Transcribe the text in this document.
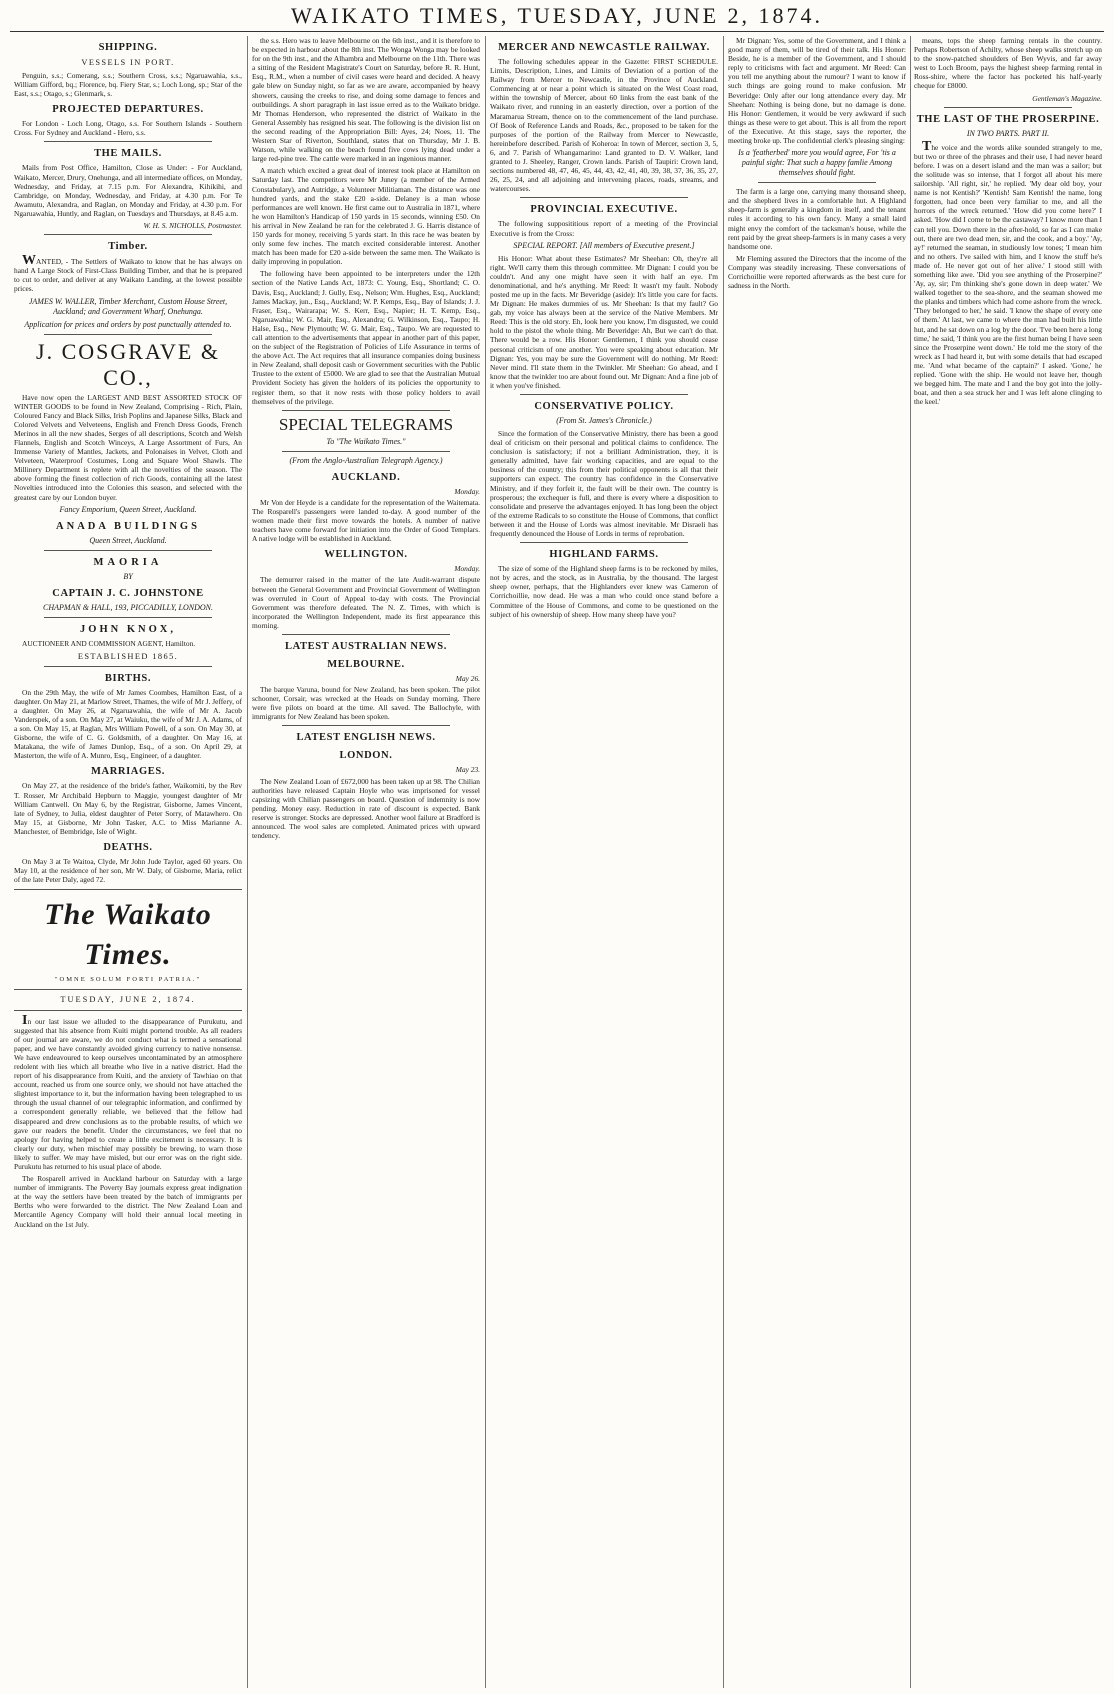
WAIKATO TIMES, TUESDAY, JUNE 2, 1874.
SHIPPING.
VESSELS IN PORT.
Penguin, s.s.; Comerang, s.s.; Southern Cross, s.s.; Ngaruawahia, s.s., William Gifford, bq.; Florence, bq. Fiery Star, s.; Loch Long, sp.; Star of the East, s.s.; Otago, s.; Glenmark, s.
PROJECTED DEPARTURES.
For London - Loch Long, Otago, s.s. For Southern Islands - Southern Cross. For Sydney and Auckland - Hero, s.s.
THE MAILS.
Mails from Post Office, Hamilton, Close as Under: - For Auckland, Waikato, Mercer, Drury, Onehunga, and all intermediate offices, on Monday, Wednesday, and Friday, at 7.15 p.m. For Alexandra, Kihikihi, and Cambridge, on Monday, Wednesday, and Friday, at 4.30 p.m. For Te Awamutu, Alexandra, and Raglan, on Monday and Friday, at 4.30 p.m. For Ngaruawahia, Huntly, and Raglan, on Tuesdays and Thursdays, at 8.45 a.m.
W. H. S. NICHOLLS, Postmaster.
Timber.
WANTED, - The Settlers of Waikato to know that he has always on hand A Large Stock of First-Class Building Timber, and that he is prepared to cut to order, and deliver at any Waikato Landing, at the lowest possible prices.
JAMES W. WALLER, Timber Merchant, Custom House Street, Auckland; and Government Wharf, Onehunga.
Application for prices and orders by post punctually attended to.
J. COSGRAVE & CO.,
Have now open the LARGEST AND BEST ASSORTED STOCK OF WINTER GOODS to be found in New Zealand, Comprising - Rich, Plain, Coloured Fancy and Black Silks, Irish Poplins and Japanese Silks, Black and Colored Velvets and Velveteens, English and French Dress Goods, French Merinos in all the new shades, Serges of all descriptions, Scotch and Welsh Flannels, English and Scotch Winceys, A Large Assortment of Furs, An Immense Variety of Mantles, Jackets, and Polonaises in Velvet, Cloth and Velveteen, Waterproof Costumes, Long and Square Wool Shawls. The Millinery Department is replete with all the novelties of the season. The above forming the finest collection of rich Goods, containing all the latest Novelties introduced into the Colonies this season, and selected with the greatest care by our London buyer.
Fancy Emporium, Queen Street, Auckland.
ANADA BUILDINGS
Queen Street, Auckland.
MAORIA
BY
CAPTAIN J. C. JOHNSTONE
CHAPMAN & HALL, 193, PICCADILLY, LONDON.
JOHN KNOX,
AUCTIONEER AND COMMISSION AGENT, Hamilton.
ESTABLISHED 1865.
BIRTHS.
On the 29th May, the wife of Mr James Coombes, Hamilton East, of a daughter. On May 21, at Marlow Street, Thames, the wife of Mr J. Jeffery, of a daughter. On May 26, at Ngaruawahia, the wife of Mr A. Jacob Vanderspek, of a son. On May 27, at Waiuku, the wife of Mr J. A. Adams, of a son. On May 15, at Raglan, Mrs William Powell, of a son. On May 30, at Gisborne, the wife of C. G. Goldsmith, of a daughter. On May 16, at Matakana, the wife of James Dunlop, Esq., of a son. On April 29, at Masterton, the wife of A. Munro, Esq., Engineer, of a daughter.
MARRIAGES.
On May 27, at the residence of the bride's father, Waikomiti, by the Rev T. Rosser, Mr Archibald Hepburn to Maggie, youngest daughter of Mr William Cantwell. On May 6, by the Registrar, Gisborne, James Vincent, late of Sydney, to Julia, eldest daughter of Peter Sorry, of Matawhero. On May 15, at Gisborne, Mr John Tasker, A.C. to Miss Marianne A. Manchester, of Bembridge, Isle of Wight.
DEATHS.
On May 3 at Te Waitoa, Clyde, Mr John Jude Taylor, aged 60 years. On May 10, at the residence of her son, Mr W. Daly, of Gisborne, Maria, relict of the late Peter Daly, aged 72.
The Waikato Times.
"OMNE SOLUM FORTI PATRIA."
TUESDAY, JUNE 2, 1874.
In our last issue we alluded to the disappearance of Purukutu, and suggested that his absence from Kuiti might portend trouble. As all readers of our journal are aware, we do not conduct what is termed a sensational paper, and we have constantly avoided giving currency to native nonsense. We have endeavoured to keep ourselves uncontaminated by an atmosphere redolent with lies which all breathe who live in a native district. Had the report of his disappearance from Kuiti, and the anxiety of Tawhiao on that account, reached us from one source only, we should not have attached the slightest importance to it, but the information having been telegraphed to us through the usual channel of our telegraphic information, and confirmed by a correspondent generally reliable, we believed that the fellow had disappeared and drew conclusions as to the probable results, of which we gave our readers the benefit. Under the circumstances, we feel that no apology for having helped to create a little excitement is necessary. It is clearly our duty, when mischief may possibly be brewing, to warn those likely to suffer. We may have misled, but our error was on the right side. Purukutu has returned to his usual place of abode.
The Rosparell arrived in Auckland harbour on Saturday with a large number of immigrants. The Poverty Bay journals express great indignation at the way the settlers have been treated by the batch of immigrants per Berths who were forwarded to the district. The New Zealand Loan and Mercantile Agency Company will hold their annual local meeting in Auckland on the 1st July.
the s.s. Hero was to leave Melbourne on the 6th inst., and it is therefore to be expected in harbour about the 8th inst. The Wonga Wonga may be looked for on the 9th inst., and the Alhambra and Melbourne on the 11th. There was a sitting of the Resident Magistrate's Court on Saturday, before R. R. Hunt, Esq., R.M., when a number of civil cases were heard and decided. A heavy gale blew on Sunday night, so far as we are aware, accompanied by heavy showers, causing the creeks to rise, and doing some damage to fences and outbuildings. A short paragraph in last issue erred as to the Waikato bridge. Mr Thomas Henderson, who represented the district of Waikato in the General Assembly has resigned his seat. The following is the division list on the second reading of the Appropriation Bill: Ayes, 24; Noes, 11. The Western Star of Riverton, Southland, states that on Thursday, Mr J. B. Watson, while walking on the beach found five cows lying dead under a large red-pine tree. The cattle were marked in an ingenious manner.
A match which excited a great deal of interest took place at Hamilton on Saturday last. The competitors were Mr Juney (a member of the Armed Constabulary), and Autridge, a Volunteer Militiaman. The distance was one hundred yards, and the stake £20 a-side. Delaney is a man whose performances are well known. He first came out to Australia in 1871, where he won Hamilton's Handicap of 150 yards in 15 seconds, winning £50. On his arrival in New Zealand he ran for the celebrated J. G. Harris distance of 150 yards for money, receiving 5 yards start. In this race he was beaten by only some few inches. The match excited considerable interest. Another match has been made for £20 a-side between the same men. The Waikato is daily improving in population.
The following have been appointed to be interpreters under the 12th section of the Native Lands Act, 1873: C. Young, Esq., Shortland; C. O. Davis, Esq., Auckland; J. Gully, Esq., Nelson; Wm. Hughes, Esq., Auckland; James Mackay, jun., Esq., Auckland; W. P. Kemps, Esq., Bay of Islands; J. J. Fraser, Esq., Wairarapa; W. S. Kerr, Esq., Napier; H. T. Kemp, Esq., Ngaruawahia; W. G. Mair, Esq., Alexandra; G. Wilkinson, Esq., Taupo; H. Halse, Esq., New Plymouth; W. G. Mair, Esq., Taupo. We are requested to call attention to the advertisements that appear in another part of this paper, on the subject of the Registration of Policies of Life Assurance in terms of the above Act. The Act requires that all insurance companies doing business in New Zealand, shall deposit cash or Government securities with the Public Trustee to the extent of £5000. We are glad to see that the Australian Mutual Provident Society has given the holders of its policies the opportunity to register them, so that it now rests with those policy holders to avail themselves of the privilege.
SPECIAL TELEGRAMS
To "The Waikato Times."
(From the Anglo-Australian Telegraph Agency.)
AUCKLAND.
Monday.
Mr Von der Heyde is a candidate for the representation of the Waitemata. The Rosparell's passengers were landed to-day. A good number of the women made their first move towards the hotels. A number of native teachers have come forward for initiation into the Order of Good Templars. A native lodge will be established in Auckland.
WELLINGTON.
Monday.
The demurrer raised in the matter of the late Audit-warrant dispute between the General Government and Provincial Government of Wellington was overruled in Court of Appeal to-day with costs. The Provincial Government was therefore defeated. The N. Z. Times, with which is incorporated the Wellington Independent, made its first appearance this morning.
LATEST AUSTRALIAN NEWS.
MELBOURNE.
May 26.
The barque Varuna, bound for New Zealand, has been spoken. The pilot schooner, Corsair, was wrecked at the Heads on Sunday morning. There were five pilots on board at the time. All saved. The Ballochyle, with immigrants for New Zealand has been spoken.
LATEST ENGLISH NEWS.
LONDON.
May 23.
The New Zealand Loan of £672,000 has been taken up at 98. The Chilian authorities have released Captain Hoyle who was imprisoned for vessel capsizing with Chilian passengers on board. Question of indemnity is now pending. Money easy. Reduction in rate of discount is expected. Bank reserve is stronger. Stocks are depressed. Another wool failure at Bradford is announced. The wool sales are completed. Animated prices with upward tendency.
MERCER AND NEWCASTLE RAILWAY.
The following schedules appear in the Gazette: FIRST SCHEDULE. Limits, Description, Lines, and Limits of Deviation of a portion of the Railway from Mercer to Newcastle, in the Province of Auckland. Commencing at or near a point which is situated on the West Coast road, within the township of Mercer, about 60 links from the east bank of the Waikato river, and running in an easterly direction, over a portion of the Maramarua Stream, thence on to the commencement of the land purchase. Of Book of Reference Lands and Roads, &c., proposed to be taken for the purposes of the portion of the Railway from Mercer to Newcastle, hereinbefore described. Parish of Koheroa: In town of Mercer, section 3, 5, 6, and 7. Parish of Whangamarino: Land granted to D. V. Walker, land granted to J. Sheeley, Ranger, Crown lands. Parish of Taupiri: Crown land, sections numbered 48, 47, 46, 45, 44, 43, 42, 41, 40, 39, 38, 37, 36, 35, 27, 26, 25, 24, and all adjoining and intervening places, roads, streams, and watercourses.
PROVINCIAL EXECUTIVE.
The following supposititious report of a meeting of the Provincial Executive is from the Cross:
SPECIAL REPORT. [All members of Executive present.]
His Honor: What about these Estimates? Mr Sheehan: Oh, they're all right. We'll carry them this through committee. Mr Dignan: I could you be couldn't. And any one might have seen it with half an eye. I'm denominational, and he's anything. Mr Reed: It wasn't my fault. Nobody posted me up in the facts. Mr Beveridge (aside): It's little you care for facts. Mr Dignan: He makes dummies of us. Mr Sheehan: Is that my fault? Go gab, my voice has always been at the service of the Native Members. Mr Reed: This is the old story. Eh, look here you know, I'm disgusted, we could hold to the pistol the whole thing. Mr Beveridge: Ah, But we can't do that. There would be a row. His Honor: Gentlemen, I think you should cease personal criticism of one another. You were speaking about education. Mr Dignan: Yes, you may be sure the Government will do nothing. Mr Reed: Never mind. I'll state them in the Twinkler. Mr Sheehan: Go ahead, and I know that the twinkler too are about found out. Mr Dignan: And a fine job of it when you've finished.
CONSERVATIVE POLICY.
(From St. James's Chronicle.)
Since the formation of the Conservative Ministry, there has been a good deal of criticism on their personal and political claims to confidence. The conclusion is satisfactory; if not a brilliant Administration, they, it is generally admitted, have fair working capacities, and are equal to the business of the country; this from their political opponents is all that their supporters can expect. The country has confidence in the Conservative Ministry, and if they forfeit it, the fault will be their own. The country is prosperous; the exchequer is full, and there is every where a disposition to consolidate and preserve the advantages enjoyed. It has long been the object of the extreme Radicals to so constitute the House of Commons, that conflict between it and the House of Lords was almost inevitable. Mr Disraeli has frequently denounced the House of Lords in terms of reprobation.
HIGHLAND FARMS.
The size of some of the Highland sheep farms is to be reckoned by miles, not by acres, and the stock, as in Australia, by the thousand. The largest sheep owner, perhaps, that the Highlanders ever knew was Cameron of Corrichoillie, now dead. He was a man who could once stand before a Committee of the House of Commons, and come to be questioned on the subject of his ownership of sheep. How many sheep have you?
Mr Dignan: Yes, some of the Government, and I think a good many of them, will be tired of their talk. His Honor: Beside, he is a member of the Government, and I should reply to criticisms with fact and argument. Mr Reed: Can you tell me anything about the rumour? I want to know if such things are going round to make confusion. Mr Beveridge: Only after our long attendance every day. Mr Sheehan: Nothing is being done, but no damage is done. His Honor: Gentlemen, it would be very awkward if such things as these were to get about. This is all from the report of the Executive. At this stage, says the reporter, the meeting broke up. The confidential clerk's pleasing singing:
Is a 'featherbed' more you would agree, For 'tis a painful sight: That such a happy famlie Among themselves should fight.
The farm is a large one, carrying many thousand sheep, and the shepherd lives in a comfortable hut. A Highland sheep-farm is generally a kingdom in itself, and the tenant rules it according to his own fancy. Many a small laird might envy the comfort of the tacksman's house, while the rent paid by the great sheep-farmers is in many cases a very handsome one.
Mr Fleming assured the Directors that the income of the Company was steadily increasing. These conversations of Corrichoillie were reported afterwards as the best cure for sadness in the North.
means, tops the sheep farming rentals in the country. Perhaps Robertson of Achilty, whose sheep walks stretch up on to the snow-patched shoulders of Ben Wyvis, and far away west to Loch Broom, pays the highest sheep farming rental in Ross-shire, where the factor has pocketed his half-yearly cheque for £8000.
Gentleman's Magazine.
THE LAST OF THE PROSERPINE.
IN TWO PARTS. PART II.
The voice and the words alike sounded strangely to me, but two or three of the phrases and their use, I had never heard before. I was on a desert island and the man was a sailor; but the solitude was so intense, that I forgot all about his mere sailorship. 'All right, sir,' he replied. 'My dear old boy, your name is not Kentish?' 'Kentish! Sam Kentish! the name, long forgotten, had once been very familiar to me, and all the horrors of the wreck returned.' 'How did you come here?' I asked. 'How did I come to be the castaway? I know more than I can tell you. Down there in the after-hold, so far as I can make out, there are two dead men, sir, and the cook, and a boy.' 'Ay, ay!' returned the seaman, in studiously low tones; 'I mean him and no others. I've sailed with him, and I know the stuff he's made of. He never got out of her alive.' I stood still with something like awe. 'Did you see anything of the Proserpine?' 'Ay, ay, sir; I'm thinking she's gone down in deep water.' We walked together to the sea-shore, and the seaman showed me the planks and timbers which had come ashore from the wreck. 'They belonged to her,' he said. 'I know the shape of every one of them.' At last, we came to where the man had built his little hut, and he sat down on a log by the door. 'I've been here a long time,' he said, 'I think you are the first human being I have seen since the Proserpine went down.' He told me the story of the wreck as I had heard it, but with some details that had escaped me. 'And what became of the captain?' I asked. 'Gone,' he replied. 'Gone with the ship. He would not leave her, though we begged him. The mate and I and the boy got into the jolly-boat, and then a sea struck her and I was left alone clinging to the keel.'
